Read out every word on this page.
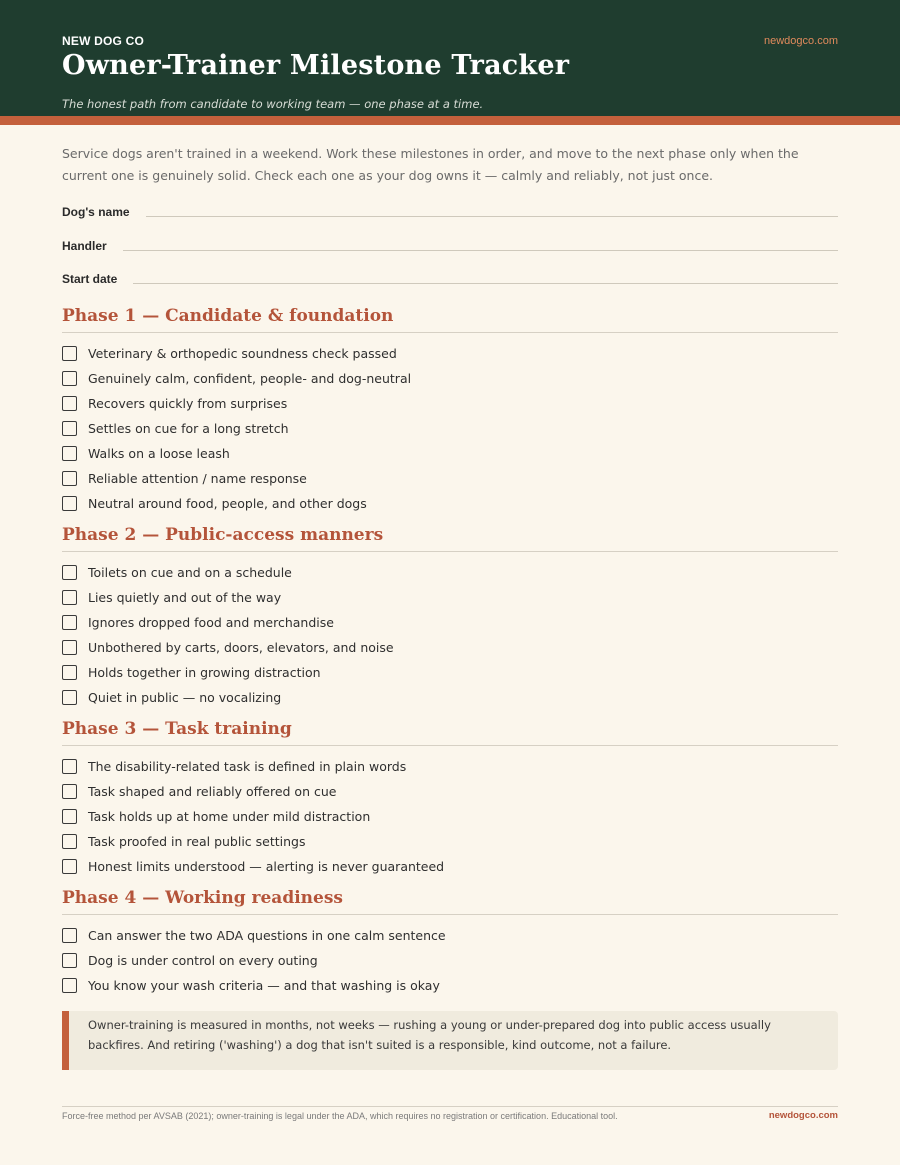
NEW DOG CO	newdogco.com
Owner-Trainer Milestone Tracker
The honest path from candidate to working team — one phase at a time.

Service dogs aren't trained in a weekend. Work these milestones in order, and move to the next phase only when the current one is genuinely solid. Check each one as your dog owns it — calmly and reliably, not just once.

Dog's name
Handler
Start date
Phase 1 — Candidate & foundation
Veterinary & orthopedic soundness check passed
Genuinely calm, confident, people- and dog-neutral
Recovers quickly from surprises
Settles on cue for a long stretch
Walks on a loose leash
Reliable attention / name response
Neutral around food, people, and other dogs
Phase 2 — Public-access manners
Toilets on cue and on a schedule
Lies quietly and out of the way
Ignores dropped food and merchandise
Unbothered by carts, doors, elevators, and noise
Holds together in growing distraction
Quiet in public — no vocalizing
Phase 3 — Task training
The disability-related task is defined in plain words
Task shaped and reliably offered on cue
Task holds up at home under mild distraction
Task proofed in real public settings
Honest limits understood — alerting is never guaranteed
Phase 4 — Working readiness
Can answer the two ADA questions in one calm sentence
Dog is under control on every outing
You know your wash criteria — and that washing is okay
Owner-training is measured in months, not weeks — rushing a young or under-prepared dog into public access usually backfires. And retiring ('washing') a dog that isn't suited is a responsible, kind outcome, not a failure.
Force-free method per AVSAB (2021); owner-training is legal under the ADA, which requires no registration or certification. Educational tool.	newdogco.com
